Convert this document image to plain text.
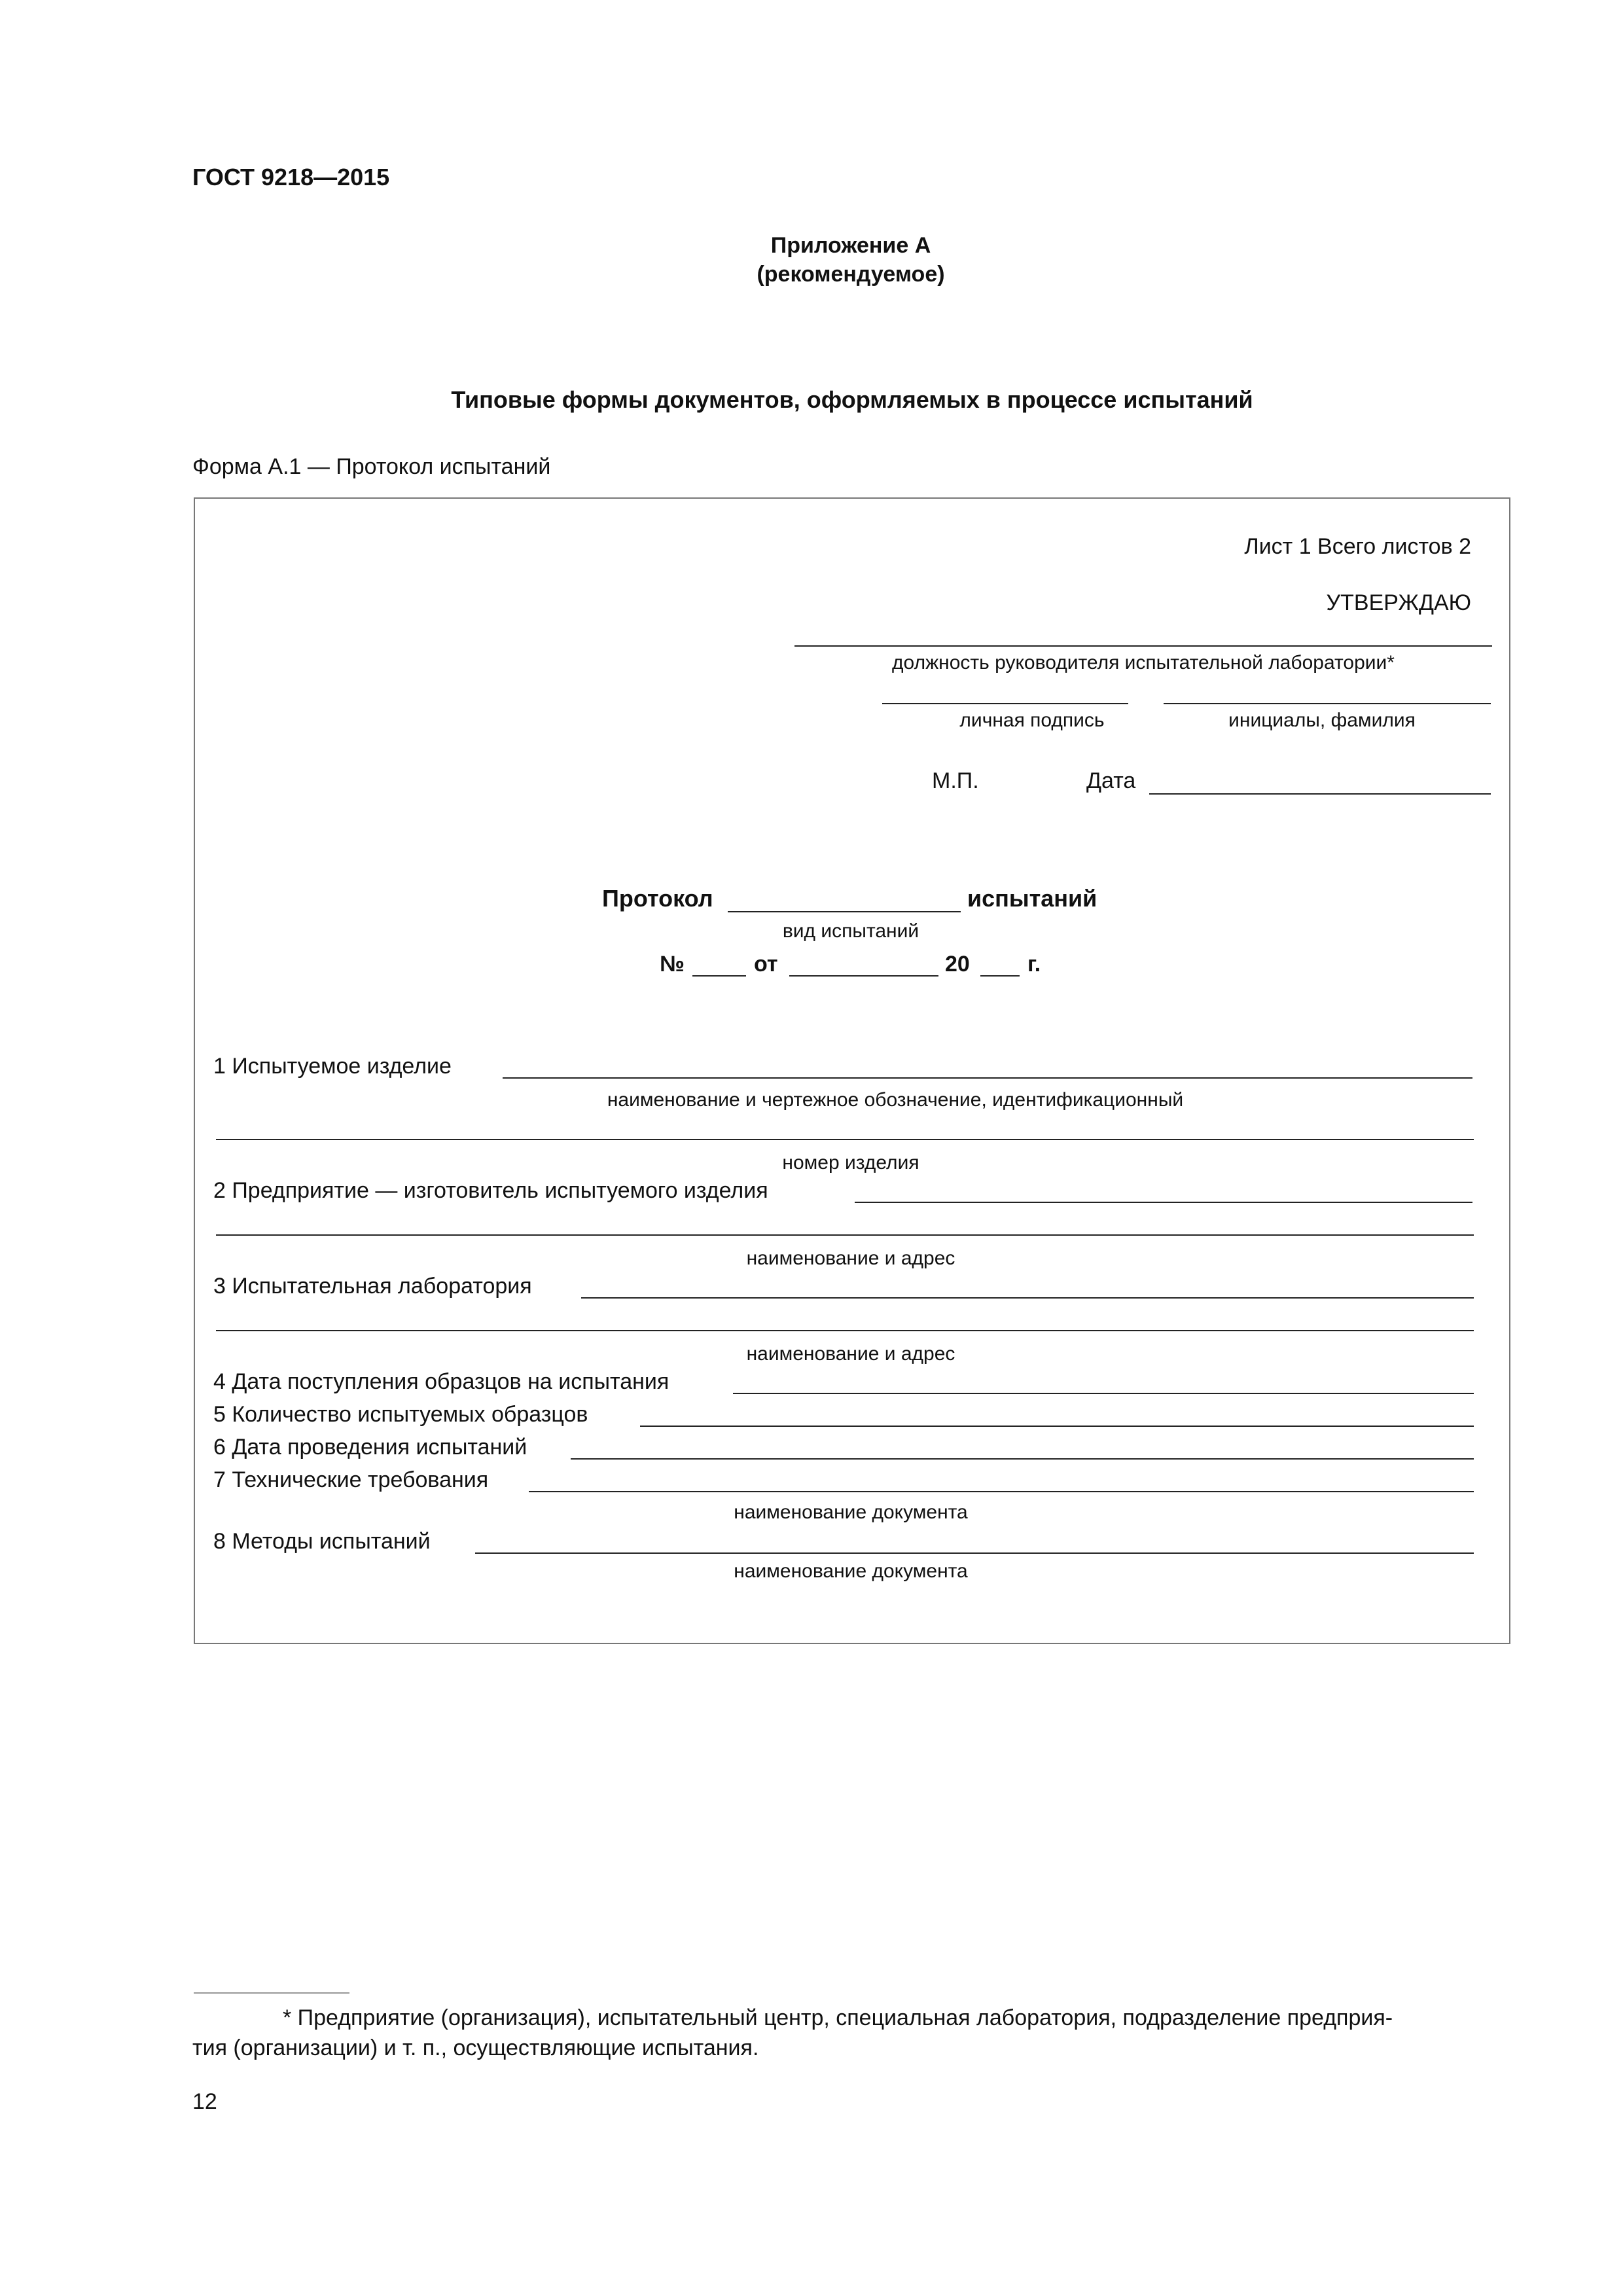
ГОСТ 9218—2015
Приложение А
(рекомендуемое)
Типовые формы документов, оформляемых в процессе испытаний
Форма А.1 — Протокол испытаний
Лист 1 Всего листов 2
УТВЕРЖДАЮ
должность руководителя испытательной лаборатории*
личная подпись	инициалы, фамилия
М.П.	Дата
Протокол	испытаний
вид испытаний
№	от	20	г.
1 Испытуемое изделие
наименование и чертежное обозначение, идентификационный
номер изделия
2 Предприятие — изготовитель испытуемого изделия
наименование и адрес
3 Испытательная лаборатория
наименование и адрес
4 Дата поступления образцов на испытания
5 Количество испытуемых образцов
6 Дата проведения испытаний
7 Технические требования
наименование документа
8 Методы испытаний
наименование документа
* Предприятие (организация), испытательный центр, специальная лаборатория, подразделение предприя-
тия (организации) и т. п., осуществляющие испытания.
12
